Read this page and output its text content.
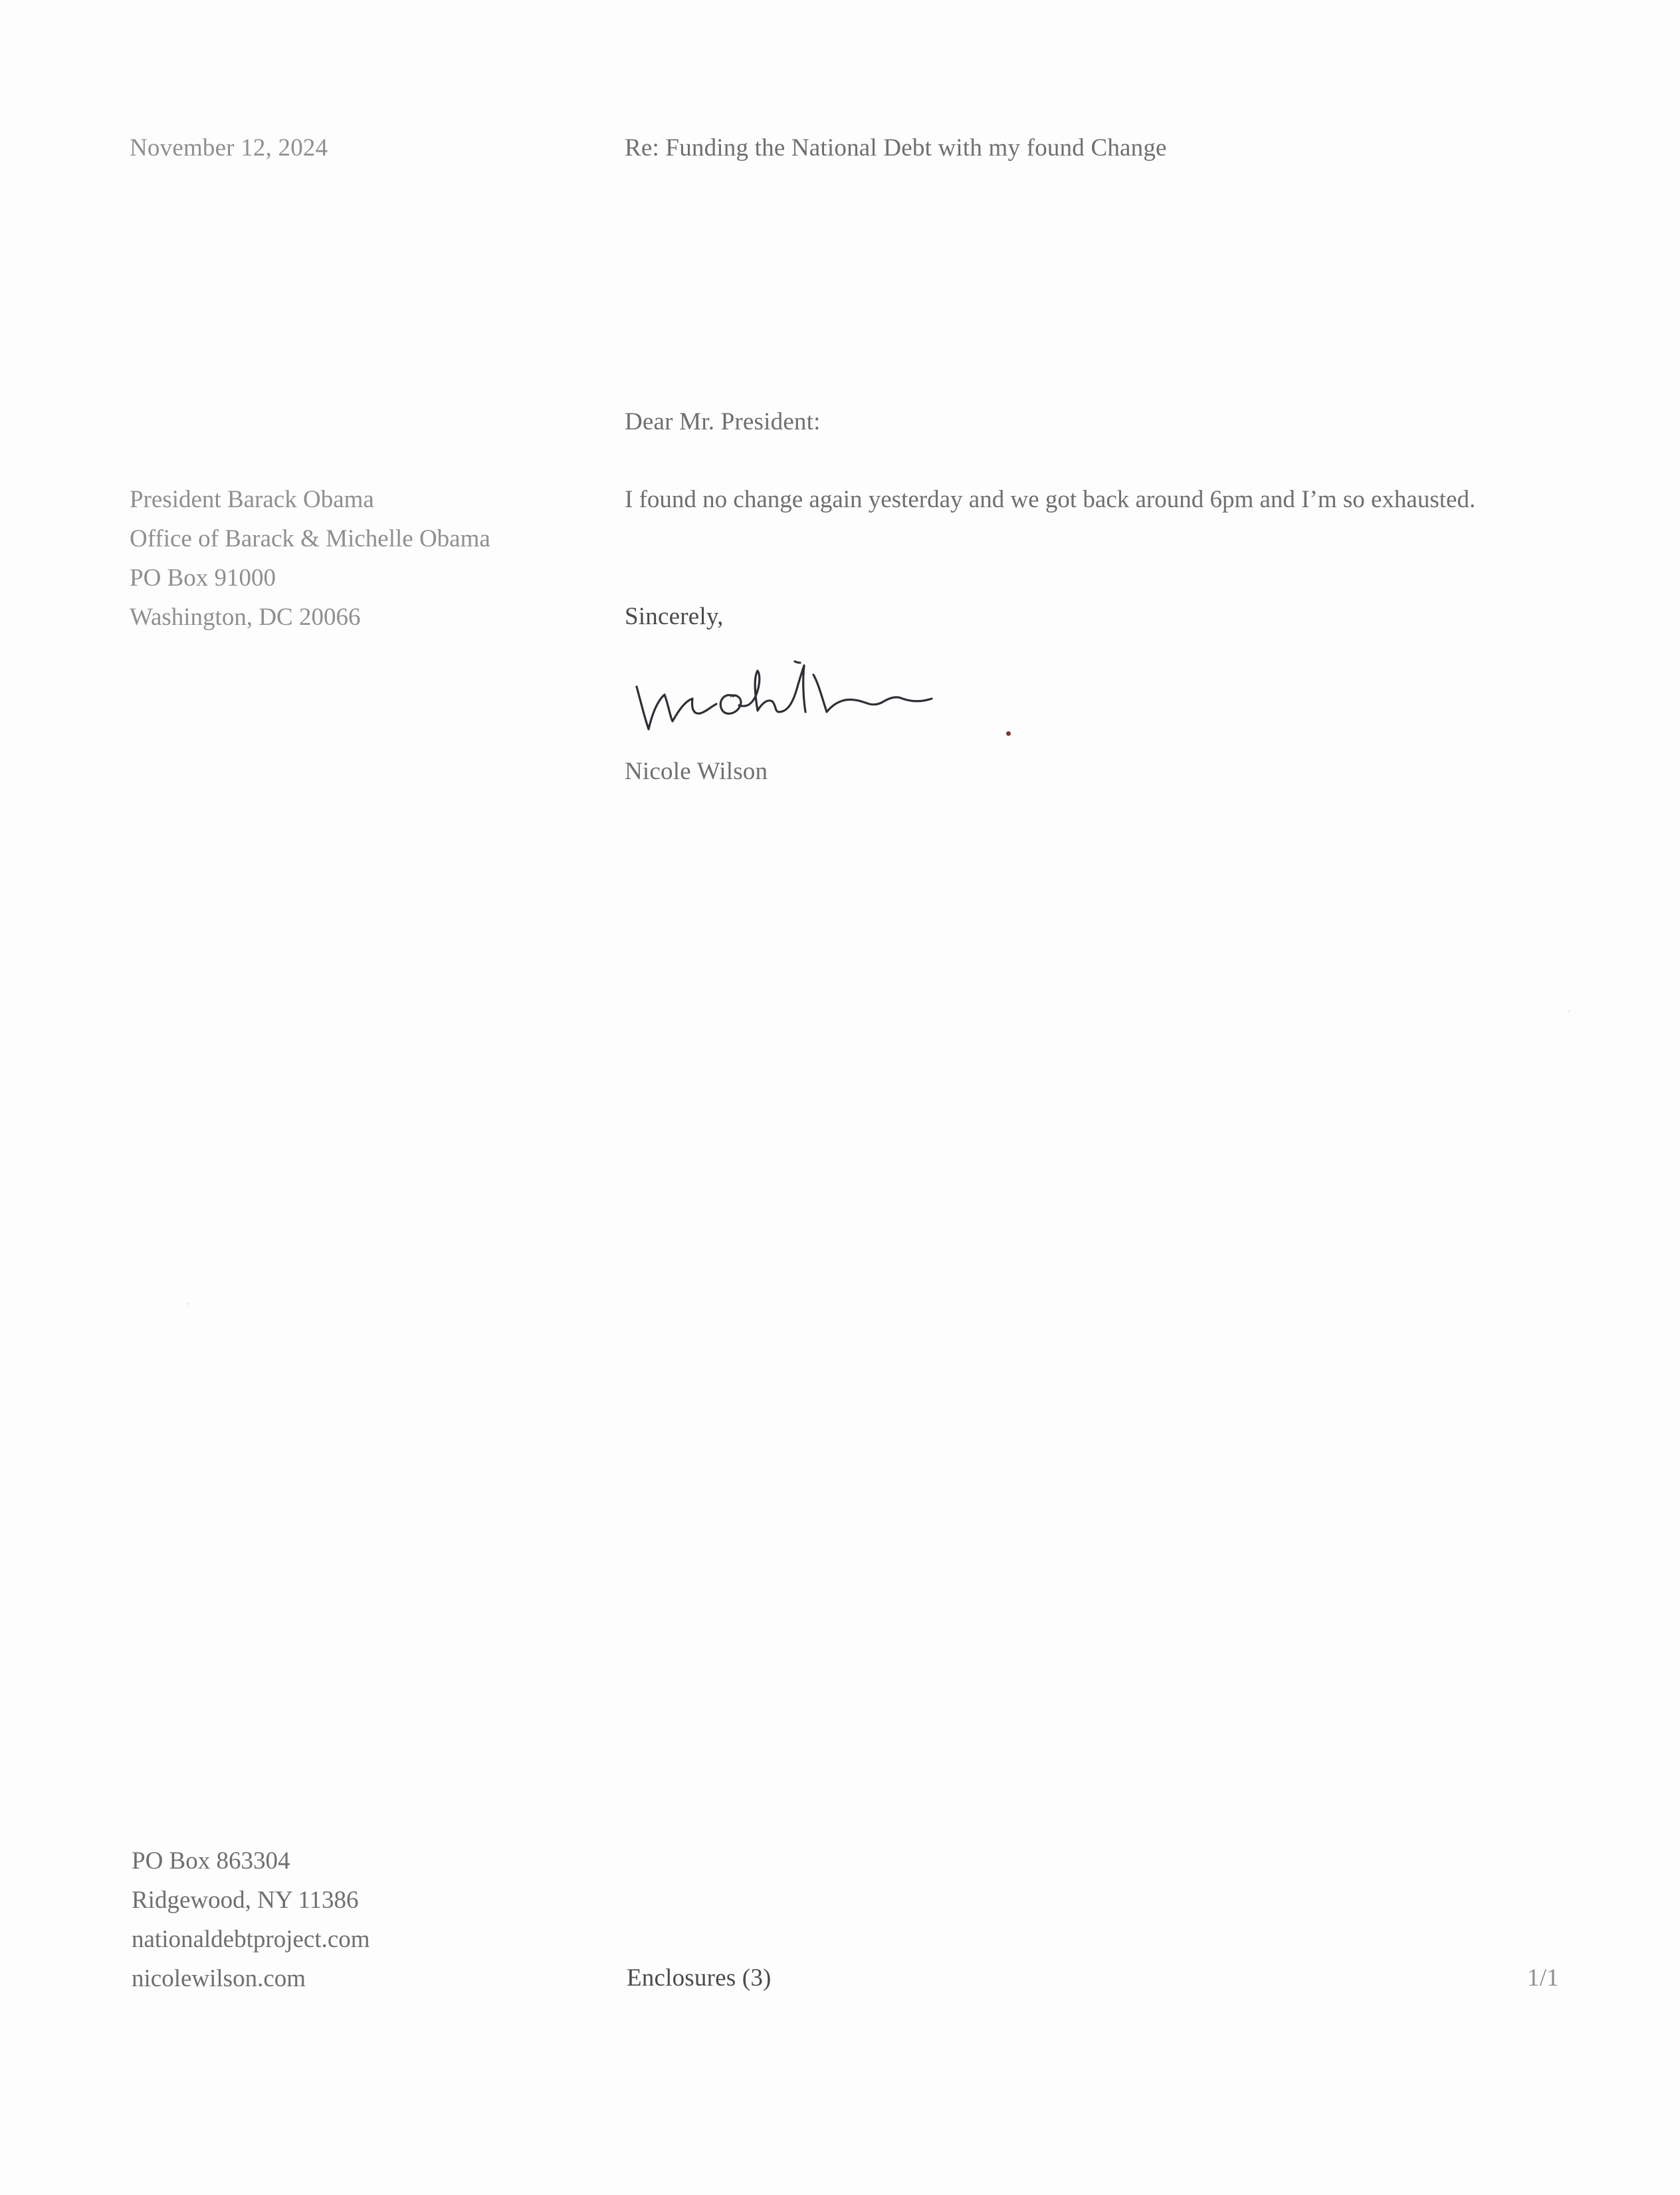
November 12, 2024	Re: Funding the National Debt with my found Change

Dear Mr. President:

President Barack Obama
Office of Barack & Michelle Obama
PO Box 91000
Washington, DC 20066

I found no change again yesterday and we got back around 6pm and I’m so exhausted.

Sincerely,

Nicole Wilson

PO Box 863304
Ridgewood, NY 11386
nationaldebtproject.com
nicolewilson.com	Enclosures (3)	1/1
